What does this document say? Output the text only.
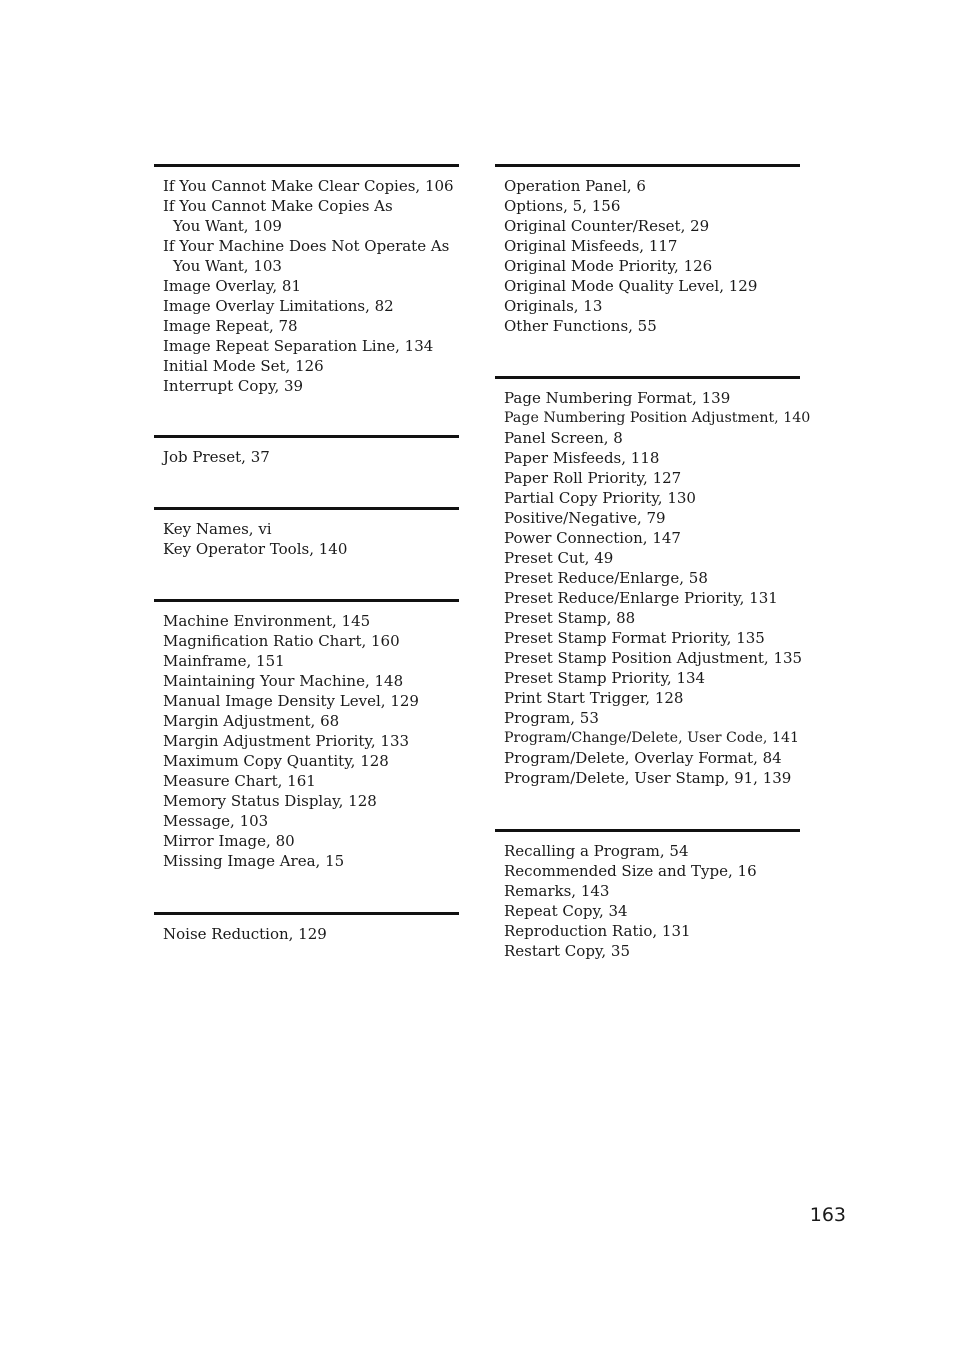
If You Cannot Make Clear Copies, 106
If You Cannot Make Copies As
You Want, 109
If Your Machine Does Not Operate As
You Want, 103
Image Overlay, 81
Image Overlay Limitations, 82
Image Repeat, 78
Image Repeat Separation Line, 134
Initial Mode Set, 126
Interrupt Copy, 39
Job Preset, 37
Key Names, vi
Key Operator Tools, 140
Machine Environment, 145
Magnification Ratio Chart, 160
Mainframe, 151
Maintaining Your Machine, 148
Manual Image Density Level, 129
Margin Adjustment, 68
Margin Adjustment Priority, 133
Maximum Copy Quantity, 128
Measure Chart, 161
Memory Status Display, 128
Message, 103
Mirror Image, 80
Missing Image Area, 15
Noise Reduction, 129
Operation Panel, 6
Options, 5, 156
Original Counter/Reset, 29
Original Misfeeds, 117
Original Mode Priority, 126
Original Mode Quality Level, 129
Originals, 13
Other Functions, 55
Page Numbering Format, 139
Page Numbering Position Adjustment, 140
Panel Screen, 8
Paper Misfeeds, 118
Paper Roll Priority, 127
Partial Copy Priority, 130
Positive/Negative, 79
Power Connection, 147
Preset Cut, 49
Preset Reduce/Enlarge, 58
Preset Reduce/Enlarge Priority, 131
Preset Stamp, 88
Preset Stamp Format Priority, 135
Preset Stamp Position Adjustment, 135
Preset Stamp Priority, 134
Print Start Trigger, 128
Program, 53
Program/Change/Delete, User Code, 141
Program/Delete, Overlay Format, 84
Program/Delete, User Stamp, 91, 139
Recalling a Program, 54
Recommended Size and Type, 16
Remarks, 143
Repeat Copy, 34
Reproduction Ratio, 131
Restart Copy, 35
163
